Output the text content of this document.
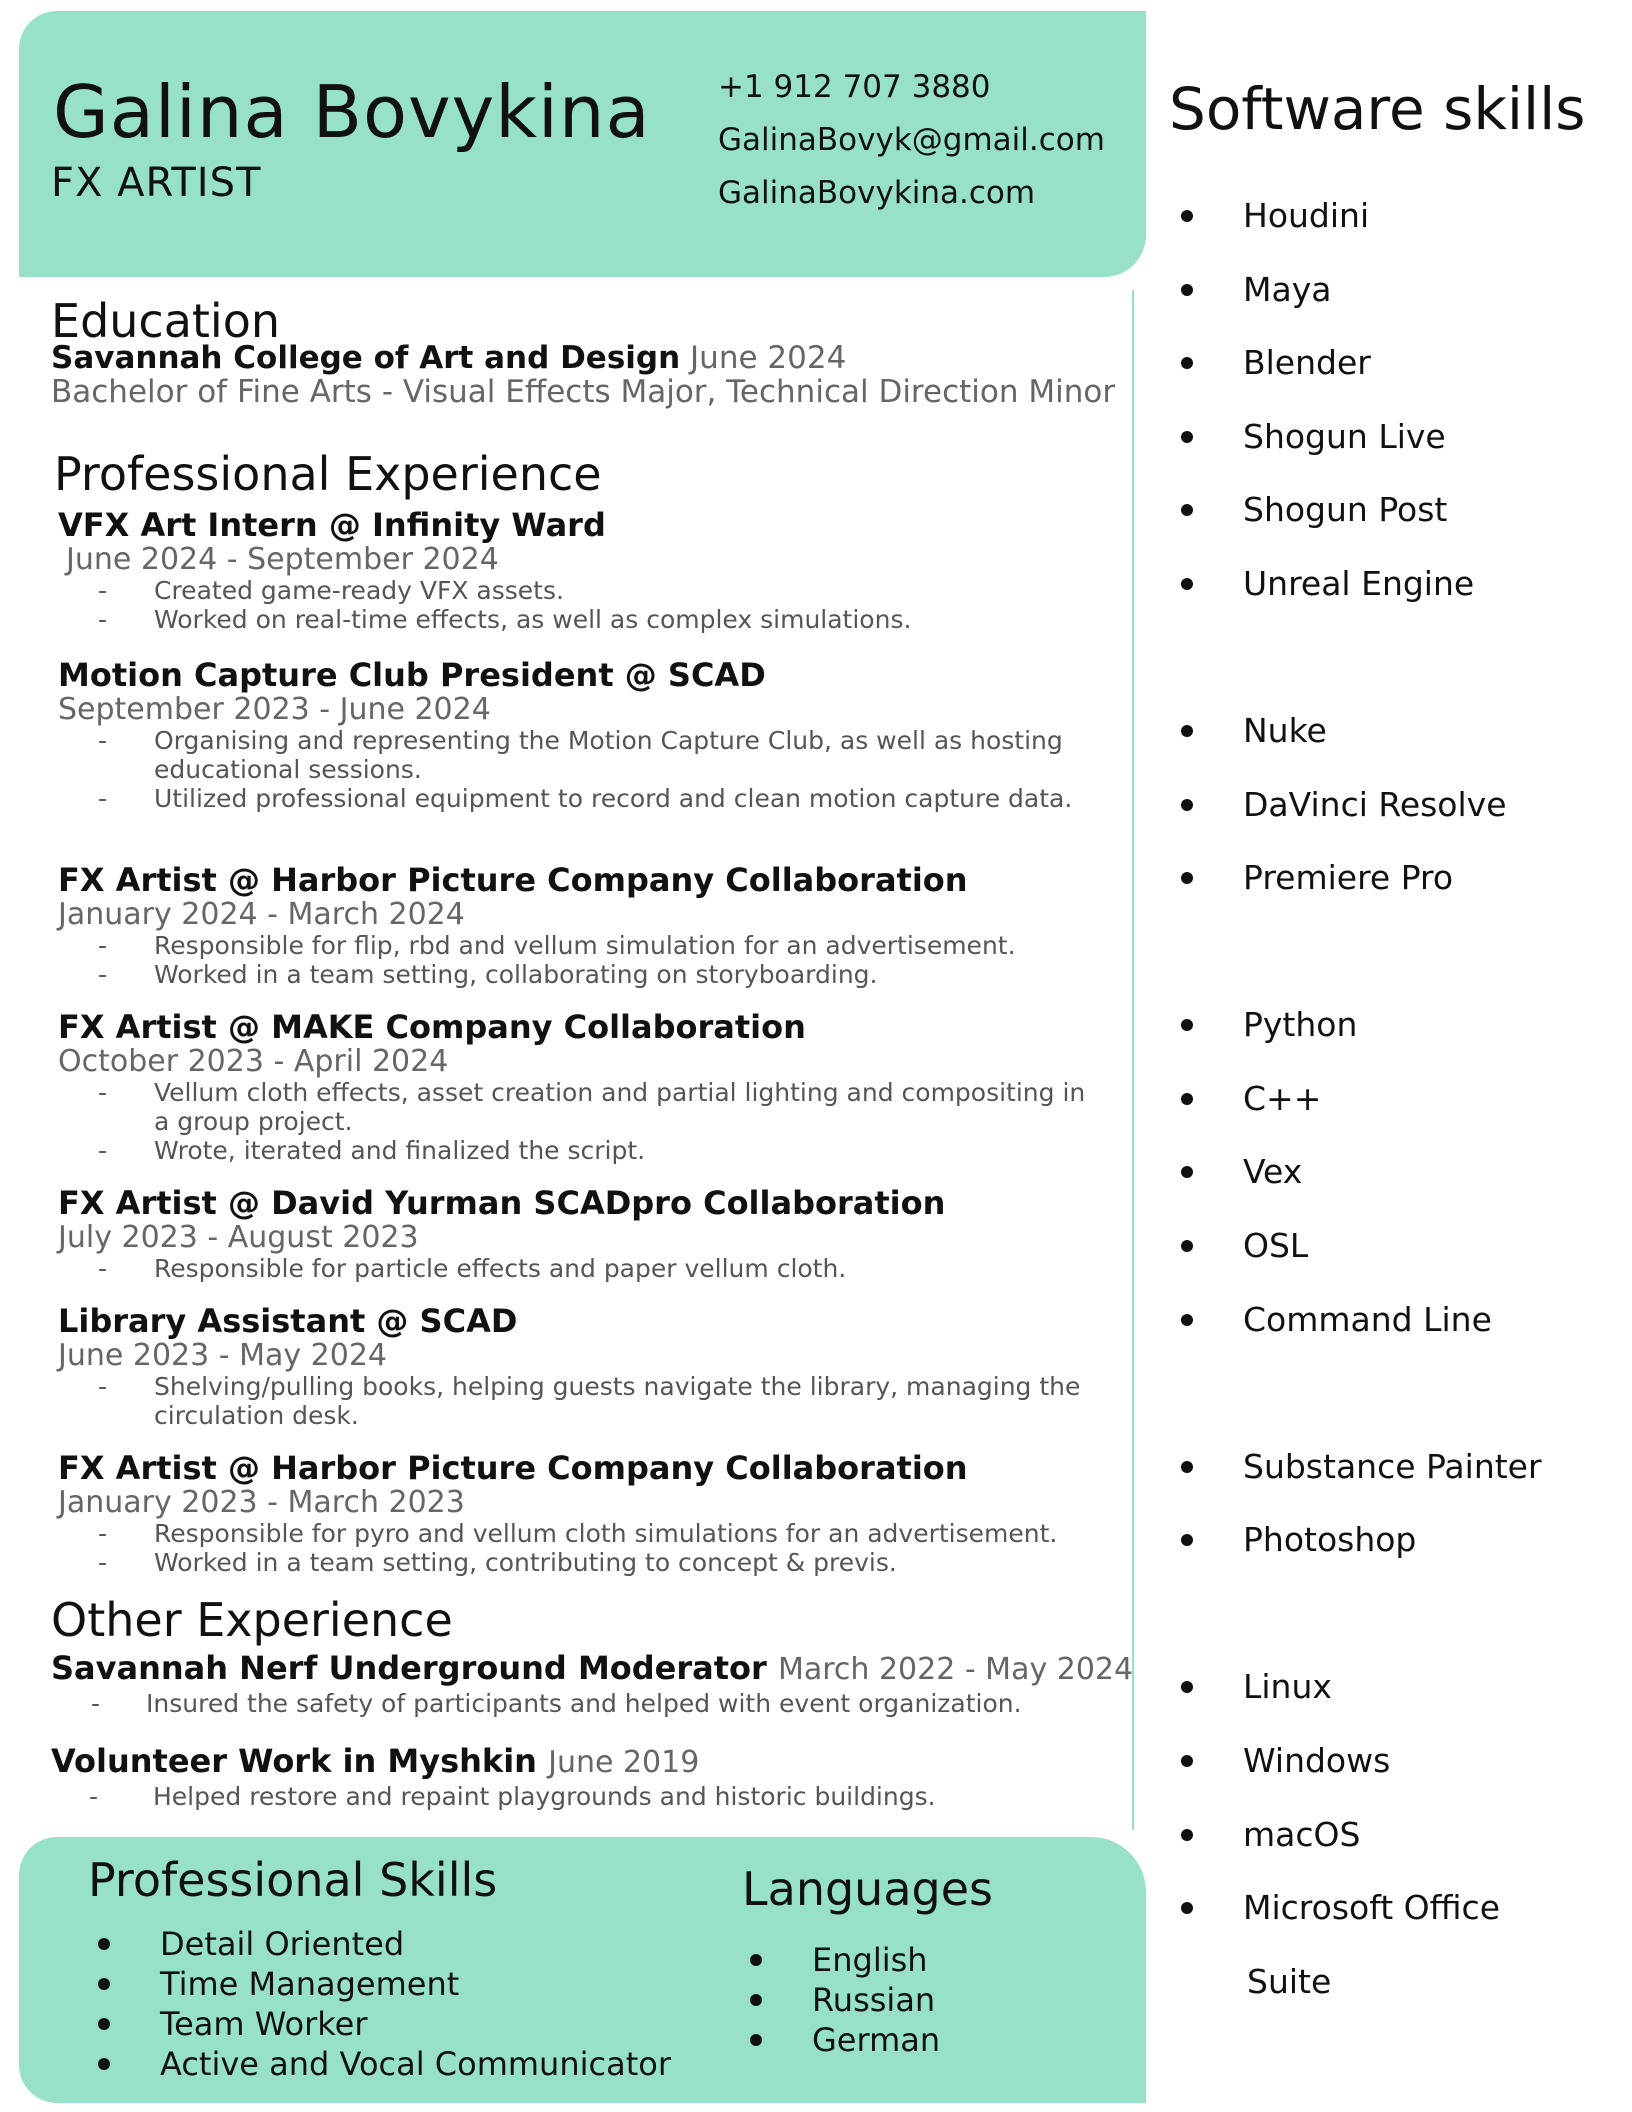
Galina Bovykina
FX ARTIST
+1 912 707 3880
GalinaBovyk@gmail.com
GalinaBovykina.com
Education
Savannah College of Art and Design June 2024
Bachelor of Fine Arts - Visual Effects Major, Technical Direction Minor
Professional Experience
VFX Art Intern @ Infinity Ward
June 2024 - September 2024
- Created game-ready VFX assets.
- Worked on real-time effects, as well as complex simulations.
Motion Capture Club President @ SCAD
September 2023 - June 2024
- Organising and representing the Motion Capture Club, as well as hosting educational sessions.
- Utilized professional equipment to record and clean motion capture data.
FX Artist @ Harbor Picture Company Collaboration
January 2024 - March 2024
- Responsible for flip, rbd and vellum simulation for an advertisement.
- Worked in a team setting, collaborating on storyboarding.
FX Artist @ MAKE Company Collaboration
October 2023 - April 2024
- Vellum cloth effects, asset creation and partial lighting and compositing in a group project.
- Wrote, iterated and finalized the script.
FX Artist @ David Yurman SCADpro Collaboration
July 2023 - August 2023
- Responsible for particle effects and paper vellum cloth.
Library Assistant @ SCAD
June 2023 - May 2024
- Shelving/pulling books, helping guests navigate the library, managing the circulation desk.
FX Artist @ Harbor Picture Company Collaboration
January 2023 - March 2023
- Responsible for pyro and vellum cloth simulations for an advertisement.
- Worked in a team setting, contributing to concept & previs.
Other Experience
Savannah Nerf Underground Moderator March 2022 - May 2024
- Insured the safety of participants and helped with event organization.
Volunteer Work in Myshkin June 2019
- Helped restore and repaint playgrounds and historic buildings.
Software skills
Houdini
Maya
Blender
Shogun Live
Shogun Post
Unreal Engine
Nuke
DaVinci Resolve
Premiere Pro
Python
C++
Vex
OSL
Command Line
Substance Painter
Photoshop
Linux
Windows
macOS
Microsoft Office
Suite
Professional Skills
Detail Oriented
Time Management
Team Worker
Active and Vocal Communicator
Languages
English
Russian
German
